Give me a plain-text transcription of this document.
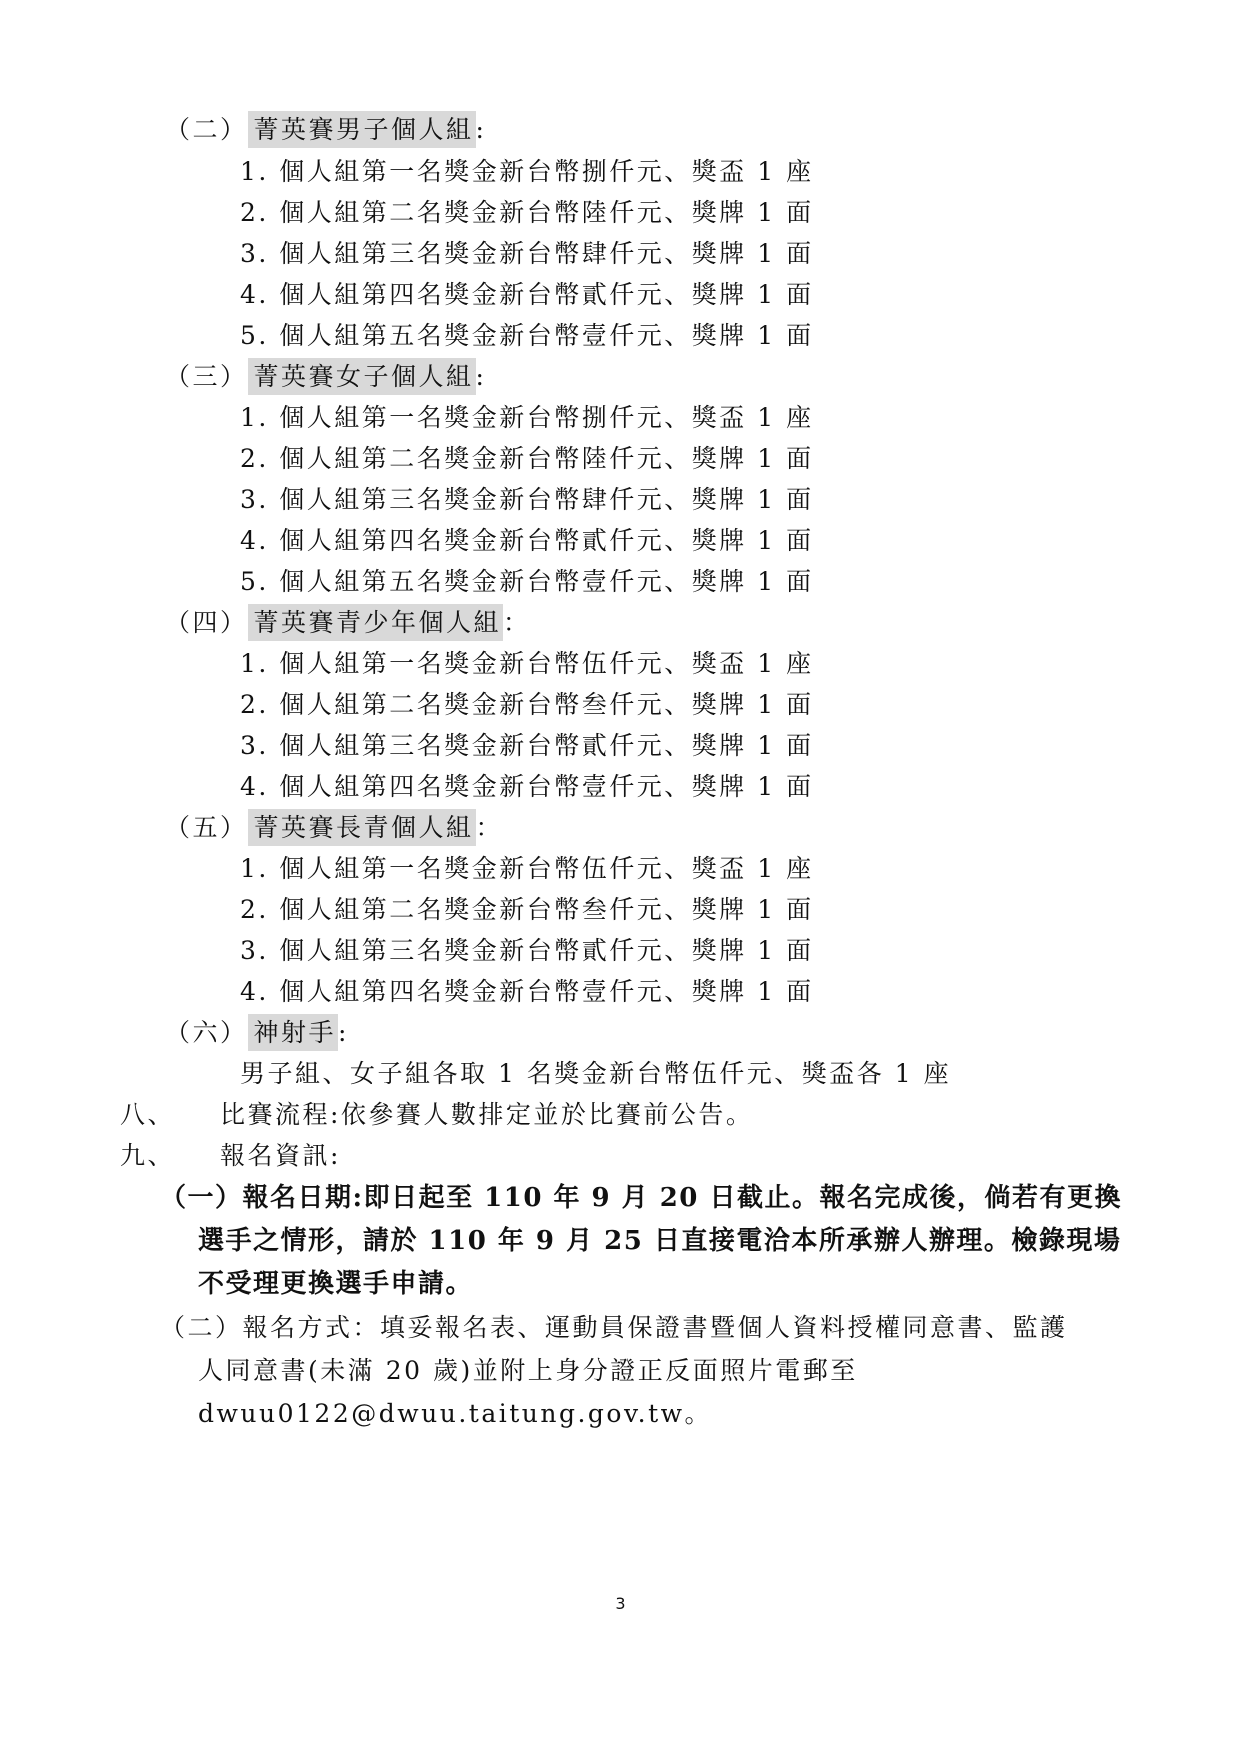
（二） 菁英賽男子個人組:
1. 個人組第一名獎金新台幣捌仟元、獎盃 1 座
2. 個人組第二名獎金新台幣陸仟元、獎牌 1 面
3. 個人組第三名獎金新台幣肆仟元、獎牌 1 面
4. 個人組第四名獎金新台幣貳仟元、獎牌 1 面
5. 個人組第五名獎金新台幣壹仟元、獎牌 1 面
（三） 菁英賽女子個人組:
1. 個人組第一名獎金新台幣捌仟元、獎盃 1 座
2. 個人組第二名獎金新台幣陸仟元、獎牌 1 面
3. 個人組第三名獎金新台幣肆仟元、獎牌 1 面
4. 個人組第四名獎金新台幣貳仟元、獎牌 1 面
5. 個人組第五名獎金新台幣壹仟元、獎牌 1 面
（四） 菁英賽青少年個人組：
1. 個人組第一名獎金新台幣伍仟元、獎盃 1 座
2. 個人組第二名獎金新台幣叁仟元、獎牌 1 面
3. 個人組第三名獎金新台幣貳仟元、獎牌 1 面
4. 個人組第四名獎金新台幣壹仟元、獎牌 1 面
（五） 菁英賽長青個人組：
1. 個人組第一名獎金新台幣伍仟元、獎盃 1 座
2. 個人組第二名獎金新台幣叁仟元、獎牌 1 面
3. 個人組第三名獎金新台幣貳仟元、獎牌 1 面
4. 個人組第四名獎金新台幣壹仟元、獎牌 1 面
（六） 神射手:
男子組、女子組各取 1 名獎金新台幣伍仟元、獎盃各 1 座
八、 比賽流程:依參賽人數排定並於比賽前公告。
九、 報名資訊:
（一）報名日期:即日起至 110 年 9 月 20 日截止。報名完成後，倘若有更換
選手之情形，請於 110 年 9 月 25 日直接電洽本所承辦人辦理。檢錄現場
不受理更換選手申請。
（二）報名方式：填妥報名表、運動員保證書暨個人資料授權同意書、監護
人同意書(未滿 20 歲)並附上身分證正反面照片電郵至
dwuu0122@dwuu.taitung.gov.tw。
3
